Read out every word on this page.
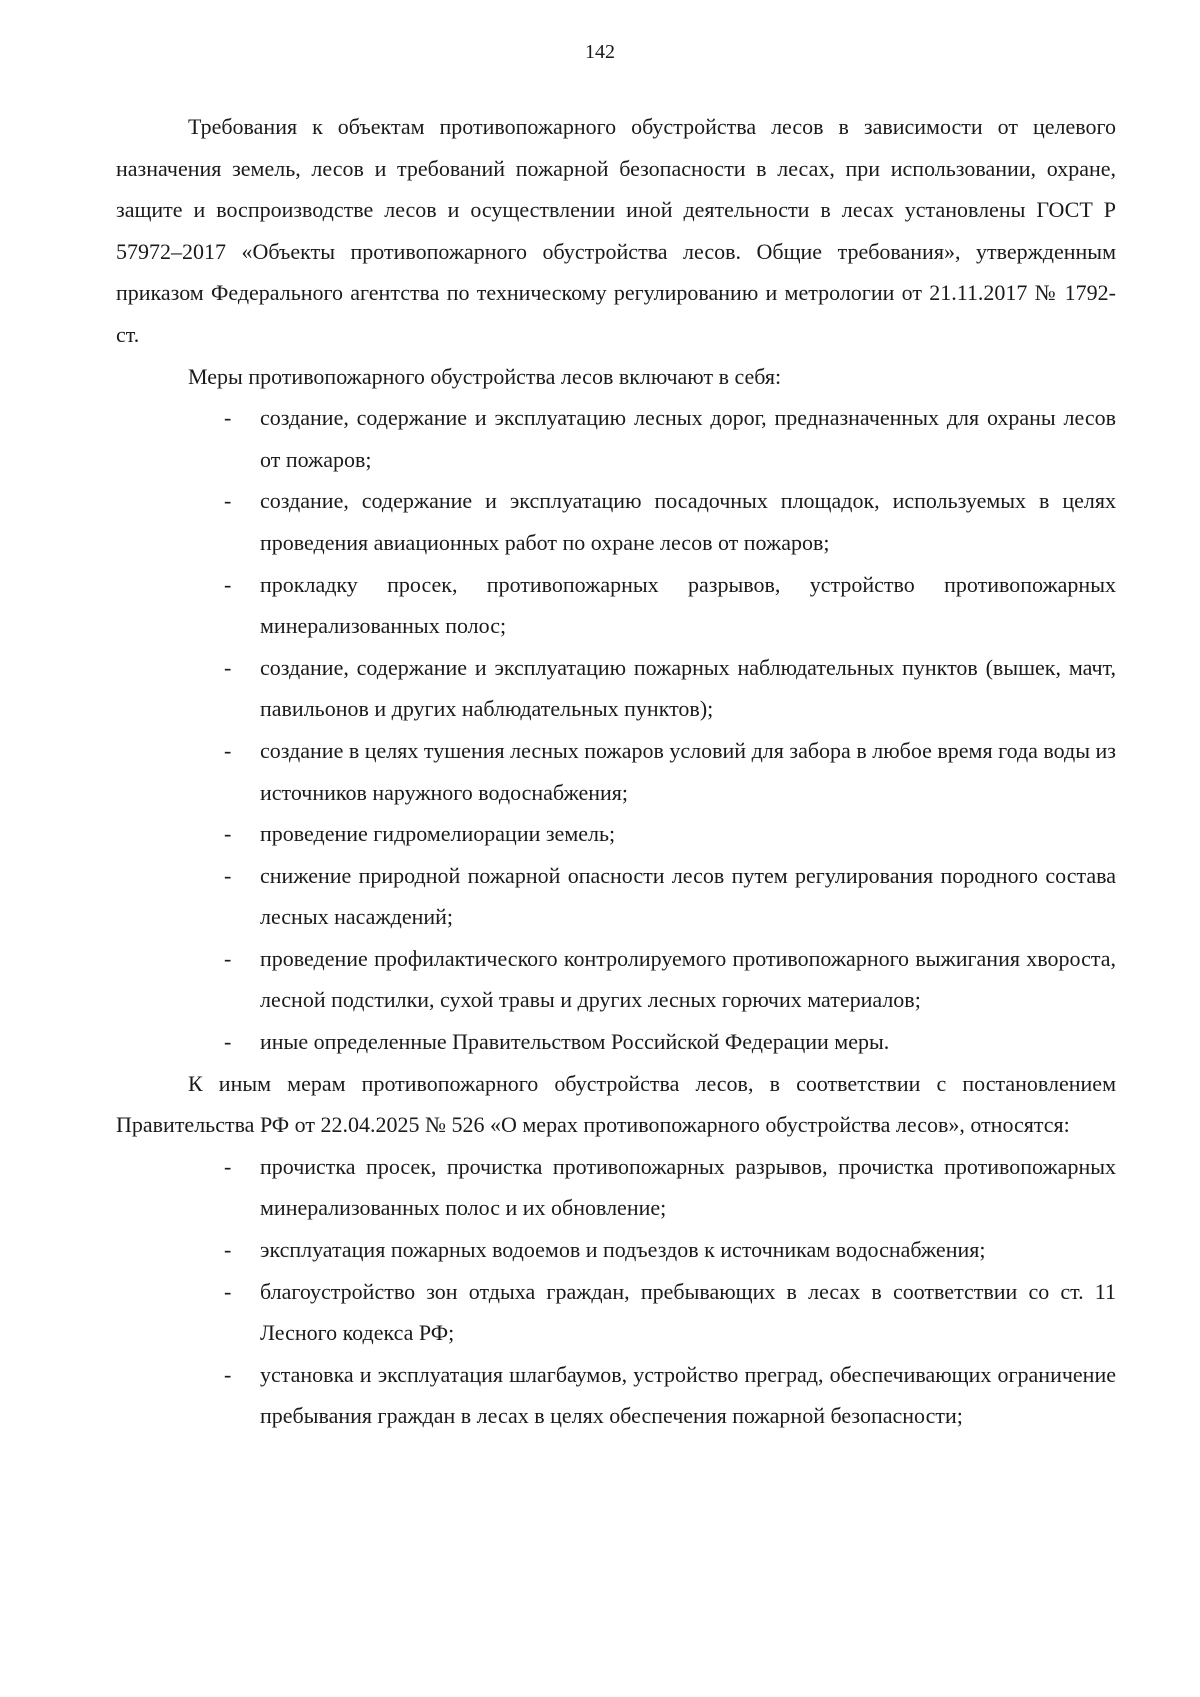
142

Требования к объектам противопожарного обустройства лесов в зависимости от целевого назначения земель, лесов и требований пожарной безопасности в лесах, при использовании, охране, защите и воспроизводстве лесов и осуществлении иной деятельности в лесах установлены ГОСТ Р 57972–2017 «Объекты противопожарного обустройства лесов. Общие требования», утвержденным приказом Федерального агентства по техническому регулированию и метрологии от 21.11.2017 № 1792-ст.

Меры противопожарного обустройства лесов включают в себя:

- создание, содержание и эксплуатацию лесных дорог, предназначенных для охраны лесов от пожаров;
- создание, содержание и эксплуатацию посадочных площадок, используемых в целях проведения авиационных работ по охране лесов от пожаров;
- прокладку просек, противопожарных разрывов, устройство противопожарных минерализованных полос;
- создание, содержание и эксплуатацию пожарных наблюдательных пунктов (вышек, мачт, павильонов и других наблюдательных пунктов);
- создание в целях тушения лесных пожаров условий для забора в любое время года воды из источников наружного водоснабжения;
- проведение гидромелиорации земель;
- снижение природной пожарной опасности лесов путем регулирования породного состава лесных насаждений;
- проведение профилактического контролируемого противопожарного выжигания хвороста, лесной подстилки, сухой травы и других лесных горючих материалов;
- иные определенные Правительством Российской Федерации меры.

К иным мерам противопожарного обустройства лесов, в соответствии с постановлением Правительства РФ от 22.04.2025 № 526 «О мерах противопожарного обустройства лесов», относятся:

- прочистка просек, прочистка противопожарных разрывов, прочистка противопожарных минерализованных полос и их обновление;
- эксплуатация пожарных водоемов и подъездов к источникам водоснабжения;
- благоустройство зон отдыха граждан, пребывающих в лесах в соответствии со ст. 11 Лесного кодекса РФ;
- установка и эксплуатация шлагбаумов, устройство преград, обеспечивающих ограничение пребывания граждан в лесах в целях обеспечения пожарной безопасности;
